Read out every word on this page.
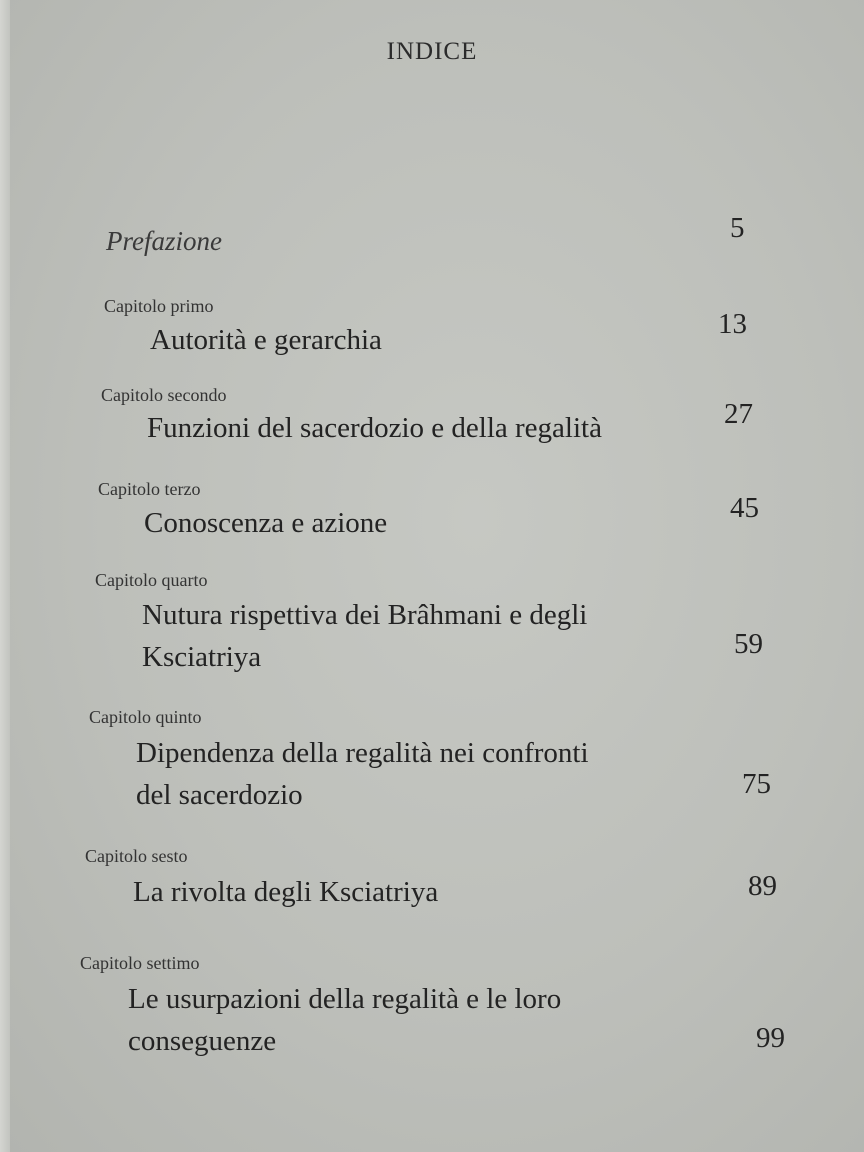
INDICE
Prefazione	5
Capitolo primo
Autorità e gerarchia	13
Capitolo secondo
Funzioni del sacerdozio e della regalità	27
Capitolo terzo
Conoscenza e azione	45
Capitolo quarto
Nutura rispettiva dei Brâhmani e degli
Ksciatriya	59
Capitolo quinto
Dipendenza della regalità nei confronti
del sacerdozio	75
Capitolo sesto
La rivolta degli Ksciatriya	89
Capitolo settimo
Le usurpazioni della regalità e le loro
conseguenze	99
